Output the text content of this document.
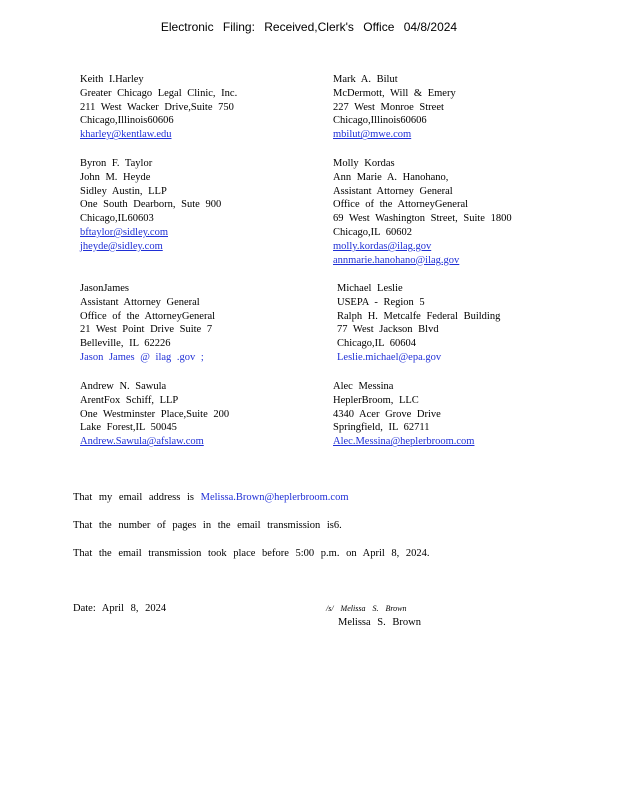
Electronic Filing: Received,Clerk's Office 04/8/2024
Keith I.Harley
Greater Chicago Legal Clinic, Inc.
211 West Wacker Drive,Suite 750
Chicago,Illinois60606
kharley@kentlaw.edu
Byron F. Taylor
John M. Heyde
Sidley Austin, LLP
One South Dearborn, Sute 900
Chicago,IL60603
bftaylor@sidley.com
jheyde@sidley.com
JasonJames
Assistant Attorney General
Office of the AttorneyGeneral
21 West Point Drive Suite 7
Belleville, IL 62226
Jason James @ ilag .gov ;
Andrew N. Sawula
ArentFox Schiff, LLP
One Westminster Place,Suite 200
Lake Forest,IL 50045
Andrew.Sawula@afslaw.com
Mark A. Bilut
McDermott, Will & Emery
227 West Monroe Street
Chicago,Illinois60606
mbilut@mwe.com
Molly Kordas
Ann Marie A. Hanohano,
Assistant Attorney General
Office of the AttorneyGeneral
69 West Washington Street, Suite 1800
Chicago,IL 60602
molly.kordas@ilag.gov
annmarie.hanohano@ilag.gov
Michael Leslie
USEPA - Region 5
Ralph H. Metcalfe Federal Building
77 West Jackson Blvd
Chicago,IL 60604
Leslie.michael@epa.gov
Alec Messina
HeplerBroom, LLC
4340 Acer Grove Drive
Springfield, IL 62711
Alec.Messina@heplerbroom.com
That my email address is Melissa.Brown@heplerbroom.com
That the number of pages in the email transmission is6.
That the email transmission took place before 5:00 p.m. on April 8, 2024.
Date: April 8, 2024	/s/ Melissa S. Brown
Melissa S. Brown
